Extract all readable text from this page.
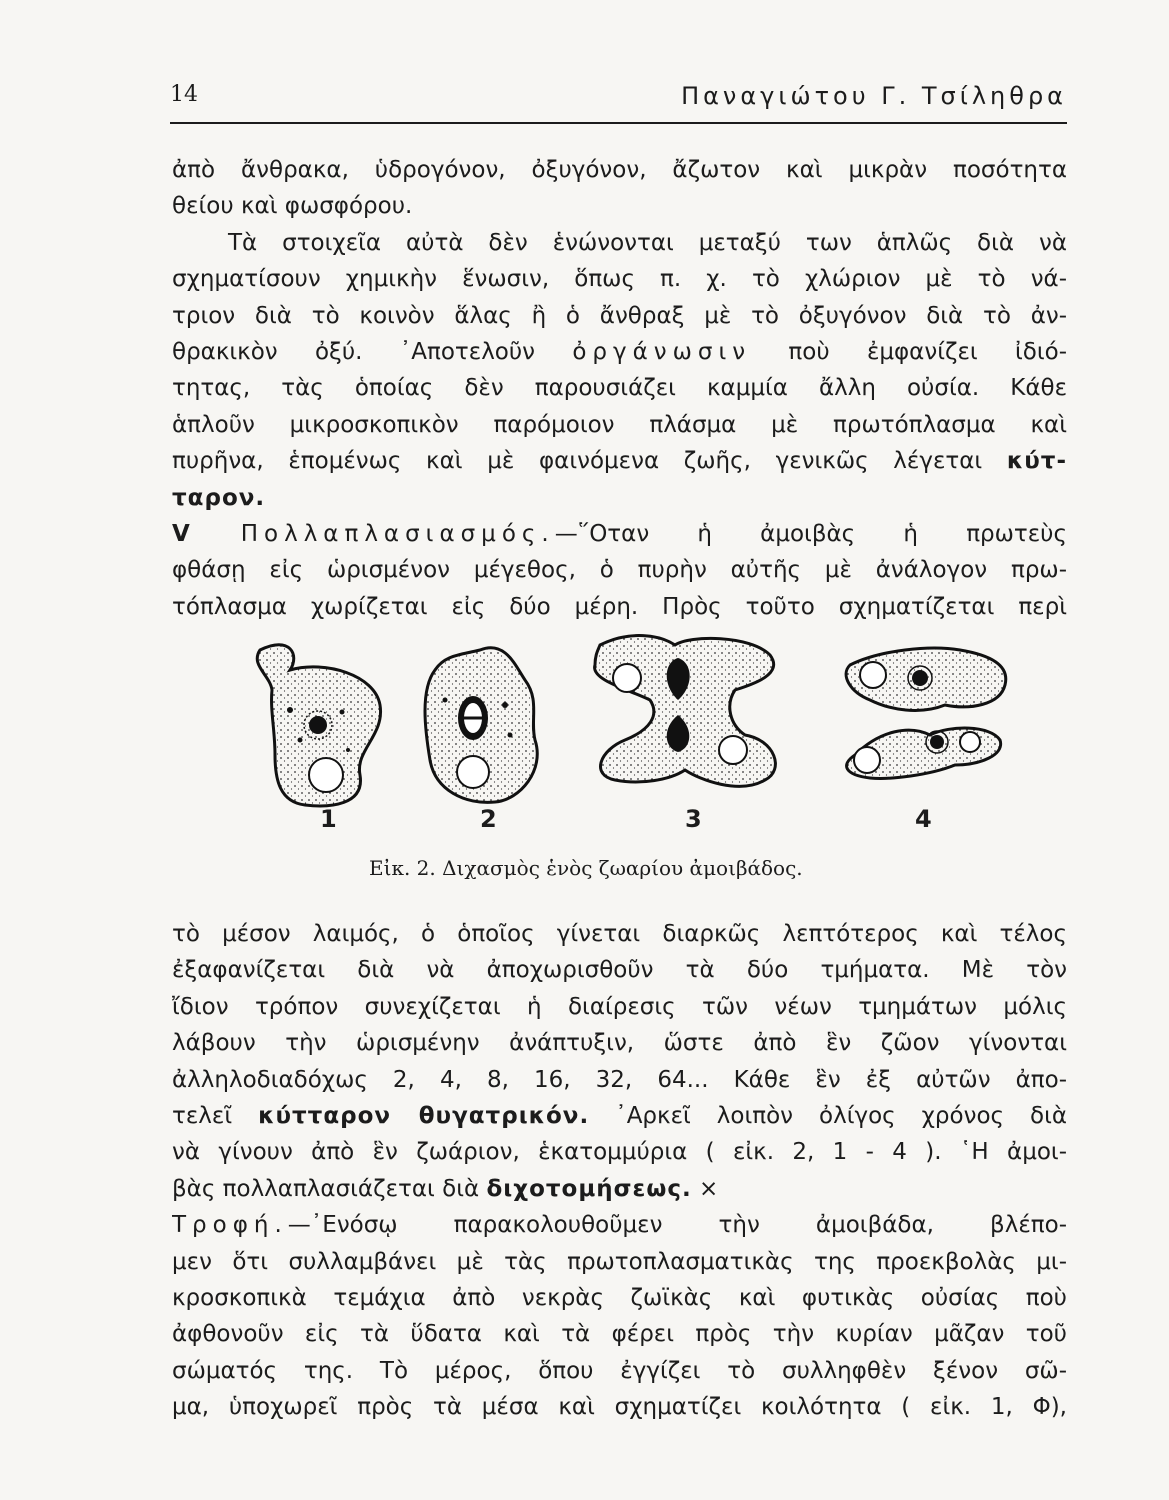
14	Παναγιώτου Γ. Τσίληθρα
ἀπὸ ἄνθρακα, ὑδρογόνον, ὀξυγόνον, ἄζωτον καὶ μικρὰν ποσότητα
θείου καὶ φωσφόρου.
Τὰ στοιχεῖα αὐτὰ δὲν ἑνώνονται μεταξύ των ἁπλῶς διὰ νὰ
σχηματίσουν χημικὴν ἕνωσιν, ὅπως π. χ. τὸ χλώριον μὲ τὸ νά-
τριον διὰ τὸ κοινὸν ἅλας ἢ ὁ ἄνθραξ μὲ τὸ ὀξυγόνον διὰ τὸ ἀν-
θρακικὸν ὀξύ. ᾿Αποτελοῦν ὀργάνωσιν ποὺ ἐμφανίζει ἰδιό-
τητας, τὰς ὁποίας δὲν παρουσιάζει καμμία ἄλλη οὐσία. Κάθε
ἁπλοῦν μικροσκοπικὸν παρόμοιον πλάσμα μὲ πρωτόπλασμα καὶ
πυρῆνα, ἑπομένως καὶ μὲ φαινόμενα ζωῆς, γενικῶς λέγεται κύτ-
ταρον.
Ⅴ Πολλαπλασιασμός.—῞Οταν ἡ ἀμοιβὰς ἡ πρωτεὺς
φθάσῃ εἰς ὡρισμένον μέγεθος, ὁ πυρὴν αὐτῆς μὲ ἀνάλογον πρω-
τόπλασμα χωρίζεται εἰς δύο μέρη. Πρὸς τοῦτο σχηματίζεται περὶ
1	2	3	4
Εἰκ. 2. Διχασμὸς ἑνὸς ζωαρίου ἀμοιβάδος.
τὸ μέσον λαιμός, ὁ ὁποῖος γίνεται διαρκῶς λεπτότερος καὶ τέλος
ἐξαφανίζεται διὰ νὰ ἀποχωρισθοῦν τὰ δύο τμήματα. Μὲ τὸν
ἴδιον τρόπον συνεχίζεται ἡ διαίρεσις τῶν νέων τμημάτων μόλις
λάβουν τὴν ὡρισμένην ἀνάπτυξιν, ὥστε ἀπὸ ἓν ζῶον γίνονται
ἀλληλοδιαδόχως 2, 4, 8, 16, 32, 64... Κάθε ἓν ἐξ αὐτῶν ἀπο-
τελεῖ κύτταρον θυγατρικόν. ᾿Αρκεῖ λοιπὸν ὀλίγος χρόνος διὰ
νὰ γίνουν ἀπὸ ἓν ζωάριον, ἑκατομμύρια ( εἰκ. 2, 1 - 4 ). ῾Η ἀμοι-
βὰς πολλαπλασιάζεται διὰ διχοτομήσεως. ×
Τροφή.—᾿Ενόσῳ παρακολουθοῦμεν τὴν ἀμοιβάδα, βλέπο-
μεν ὅτι συλλαμβάνει μὲ τὰς πρωτοπλασματικὰς της προεκβολὰς μι-
κροσκοπικὰ τεμάχια ἀπὸ νεκρὰς ζωϊκὰς καὶ φυτικὰς οὐσίας ποὺ
ἀφθονοῦν εἰς τὰ ὕδατα καὶ τὰ φέρει πρὸς τὴν κυρίαν μᾶζαν τοῦ
σώματός της. Τὸ μέρος, ὅπου ἐγγίζει τὸ συλληφθὲν ξένον σῶ-
μα, ὑποχωρεῖ πρὸς τὰ μέσα καὶ σχηματίζει κοιλότητα ( εἰκ. 1, Φ),
